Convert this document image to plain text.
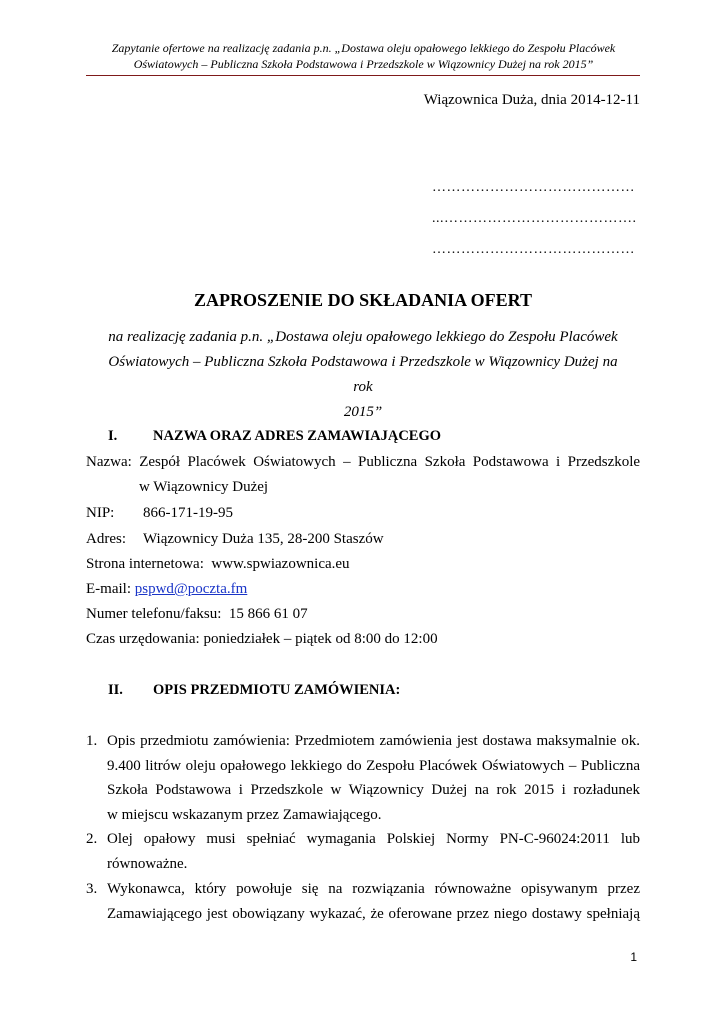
Zapytanie ofertowe na realizację zadania p.n. „Dostawa oleju opałowego lekkiego do Zespołu Placówek
Oświatowych – Publiczna Szkoła Podstawowa i Przedszkole w Wiązownicy Dużej na rok 2015”
Wiązownica Duża, dnia 2014-12-11
……………………………………
...………………………………….
……………………………………
ZAPROSZENIE DO SKŁADANIA OFERT
na realizację zadania p.n. „Dostawa oleju opałowego lekkiego do Zespołu Placówek
Oświatowych – Publiczna Szkoła Podstawowa i Przedszkole w Wiązownicy Dużej na rok
2015”
I. NAZWA ORAZ ADRES ZAMAWIAJĄCEGO
Nazwa: Zespół Placówek Oświatowych – Publiczna Szkoła Podstawowa i Przedszkole
w Wiązownicy Dużej
NIP: 866-171-19-95
Adres: Wiązownicy Duża 135, 28-200 Staszów
Strona internetowa: www.spwiazownica.eu
E-mail: pspwd@poczta.fm
Numer telefonu/faksu: 15 866 61 07
Czas urzędowania: poniedziałek – piątek od 8:00 do 12:00
II. OPIS PRZEDMIOTU ZAMÓWIENIA:
1. Opis przedmiotu zamówienia: Przedmiotem zamówienia jest dostawa maksymalnie ok.
9.400 litrów oleju opałowego lekkiego do Zespołu Placówek Oświatowych – Publiczna
Szkoła Podstawowa i Przedszkole w Wiązownicy Dużej na rok 2015 i rozładunek
w miejscu wskazanym przez Zamawiającego.
2. Olej opałowy musi spełniać wymagania Polskiej Normy PN-C-96024:2011 lub
równoważne.
3. Wykonawca, który powołuje się na rozwiązania równoważne opisywanym przez
Zamawiającego jest obowiązany wykazać, że oferowane przez niego dostawy spełniają
1
